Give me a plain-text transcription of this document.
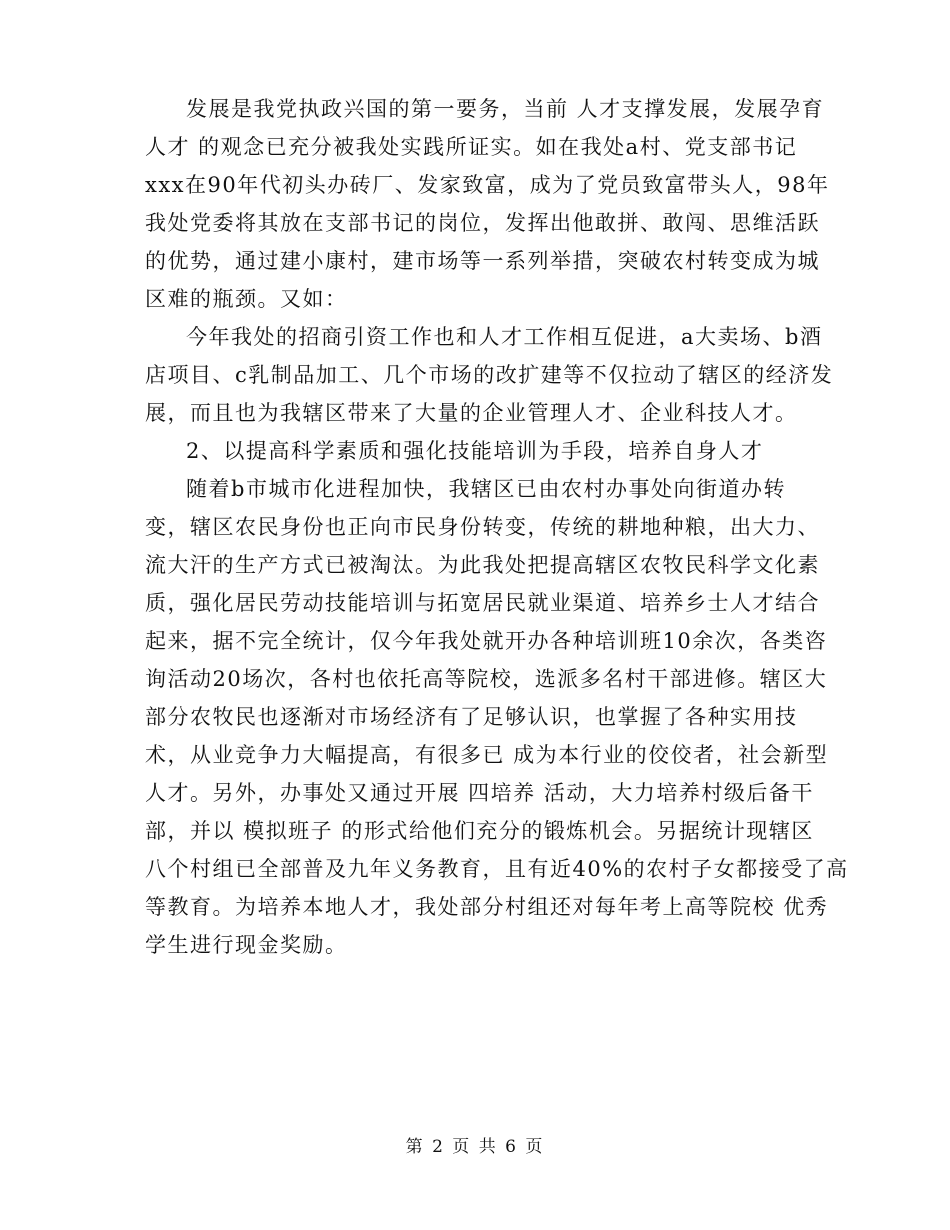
发展是我党执政兴国的第一要务，当前 人才支撑发展，发展孕育
人才 的观念已充分被我处实践所证实。如在我处a村、党支部书记
xxx在90年代初头办砖厂、发家致富，成为了党员致富带头人，98年
我处党委将其放在支部书记的岗位，发挥出他敢拼、敢闯、思维活跃
的优势，通过建小康村，建市场等一系列举措，突破农村转变成为城
区难的瓶颈。又如：
今年我处的招商引资工作也和人才工作相互促进，a大卖场、b酒
店项目、c乳制品加工、几个市场的改扩建等不仅拉动了辖区的经济发
展，而且也为我辖区带来了大量的企业管理人才、企业科技人才。
2、以提高科学素质和强化技能培训为手段，培养自身人才
随着b市城市化进程加快，我辖区已由农村办事处向街道办转
变，辖区农民身份也正向市民身份转变，传统的耕地种粮，出大力、
流大汗的生产方式已被淘汰。为此我处把提高辖区农牧民科学文化素
质，强化居民劳动技能培训与拓宽居民就业渠道、培养乡士人才结合
起来，据不完全统计，仅今年我处就开办各种培训班10余次，各类咨
询活动20场次，各村也依托高等院校，选派多名村干部进修。辖区大
部分农牧民也逐渐对市场经济有了足够认识，也掌握了各种实用技
术，从业竞争力大幅提高，有很多已 成为本行业的佼佼者，社会新型
人才。另外，办事处又通过开展 四培养 活动，大力培养村级后备干
部，并以 模拟班子 的形式给他们充分的锻炼机会。另据统计现辖区
八个村组已全部普及九年义务教育，且有近40%的农村子女都接受了高
等教育。为培养本地人才，我处部分村组还对每年考上高等院校 优秀
学生进行现金奖励。
第 2 页 共 6 页
